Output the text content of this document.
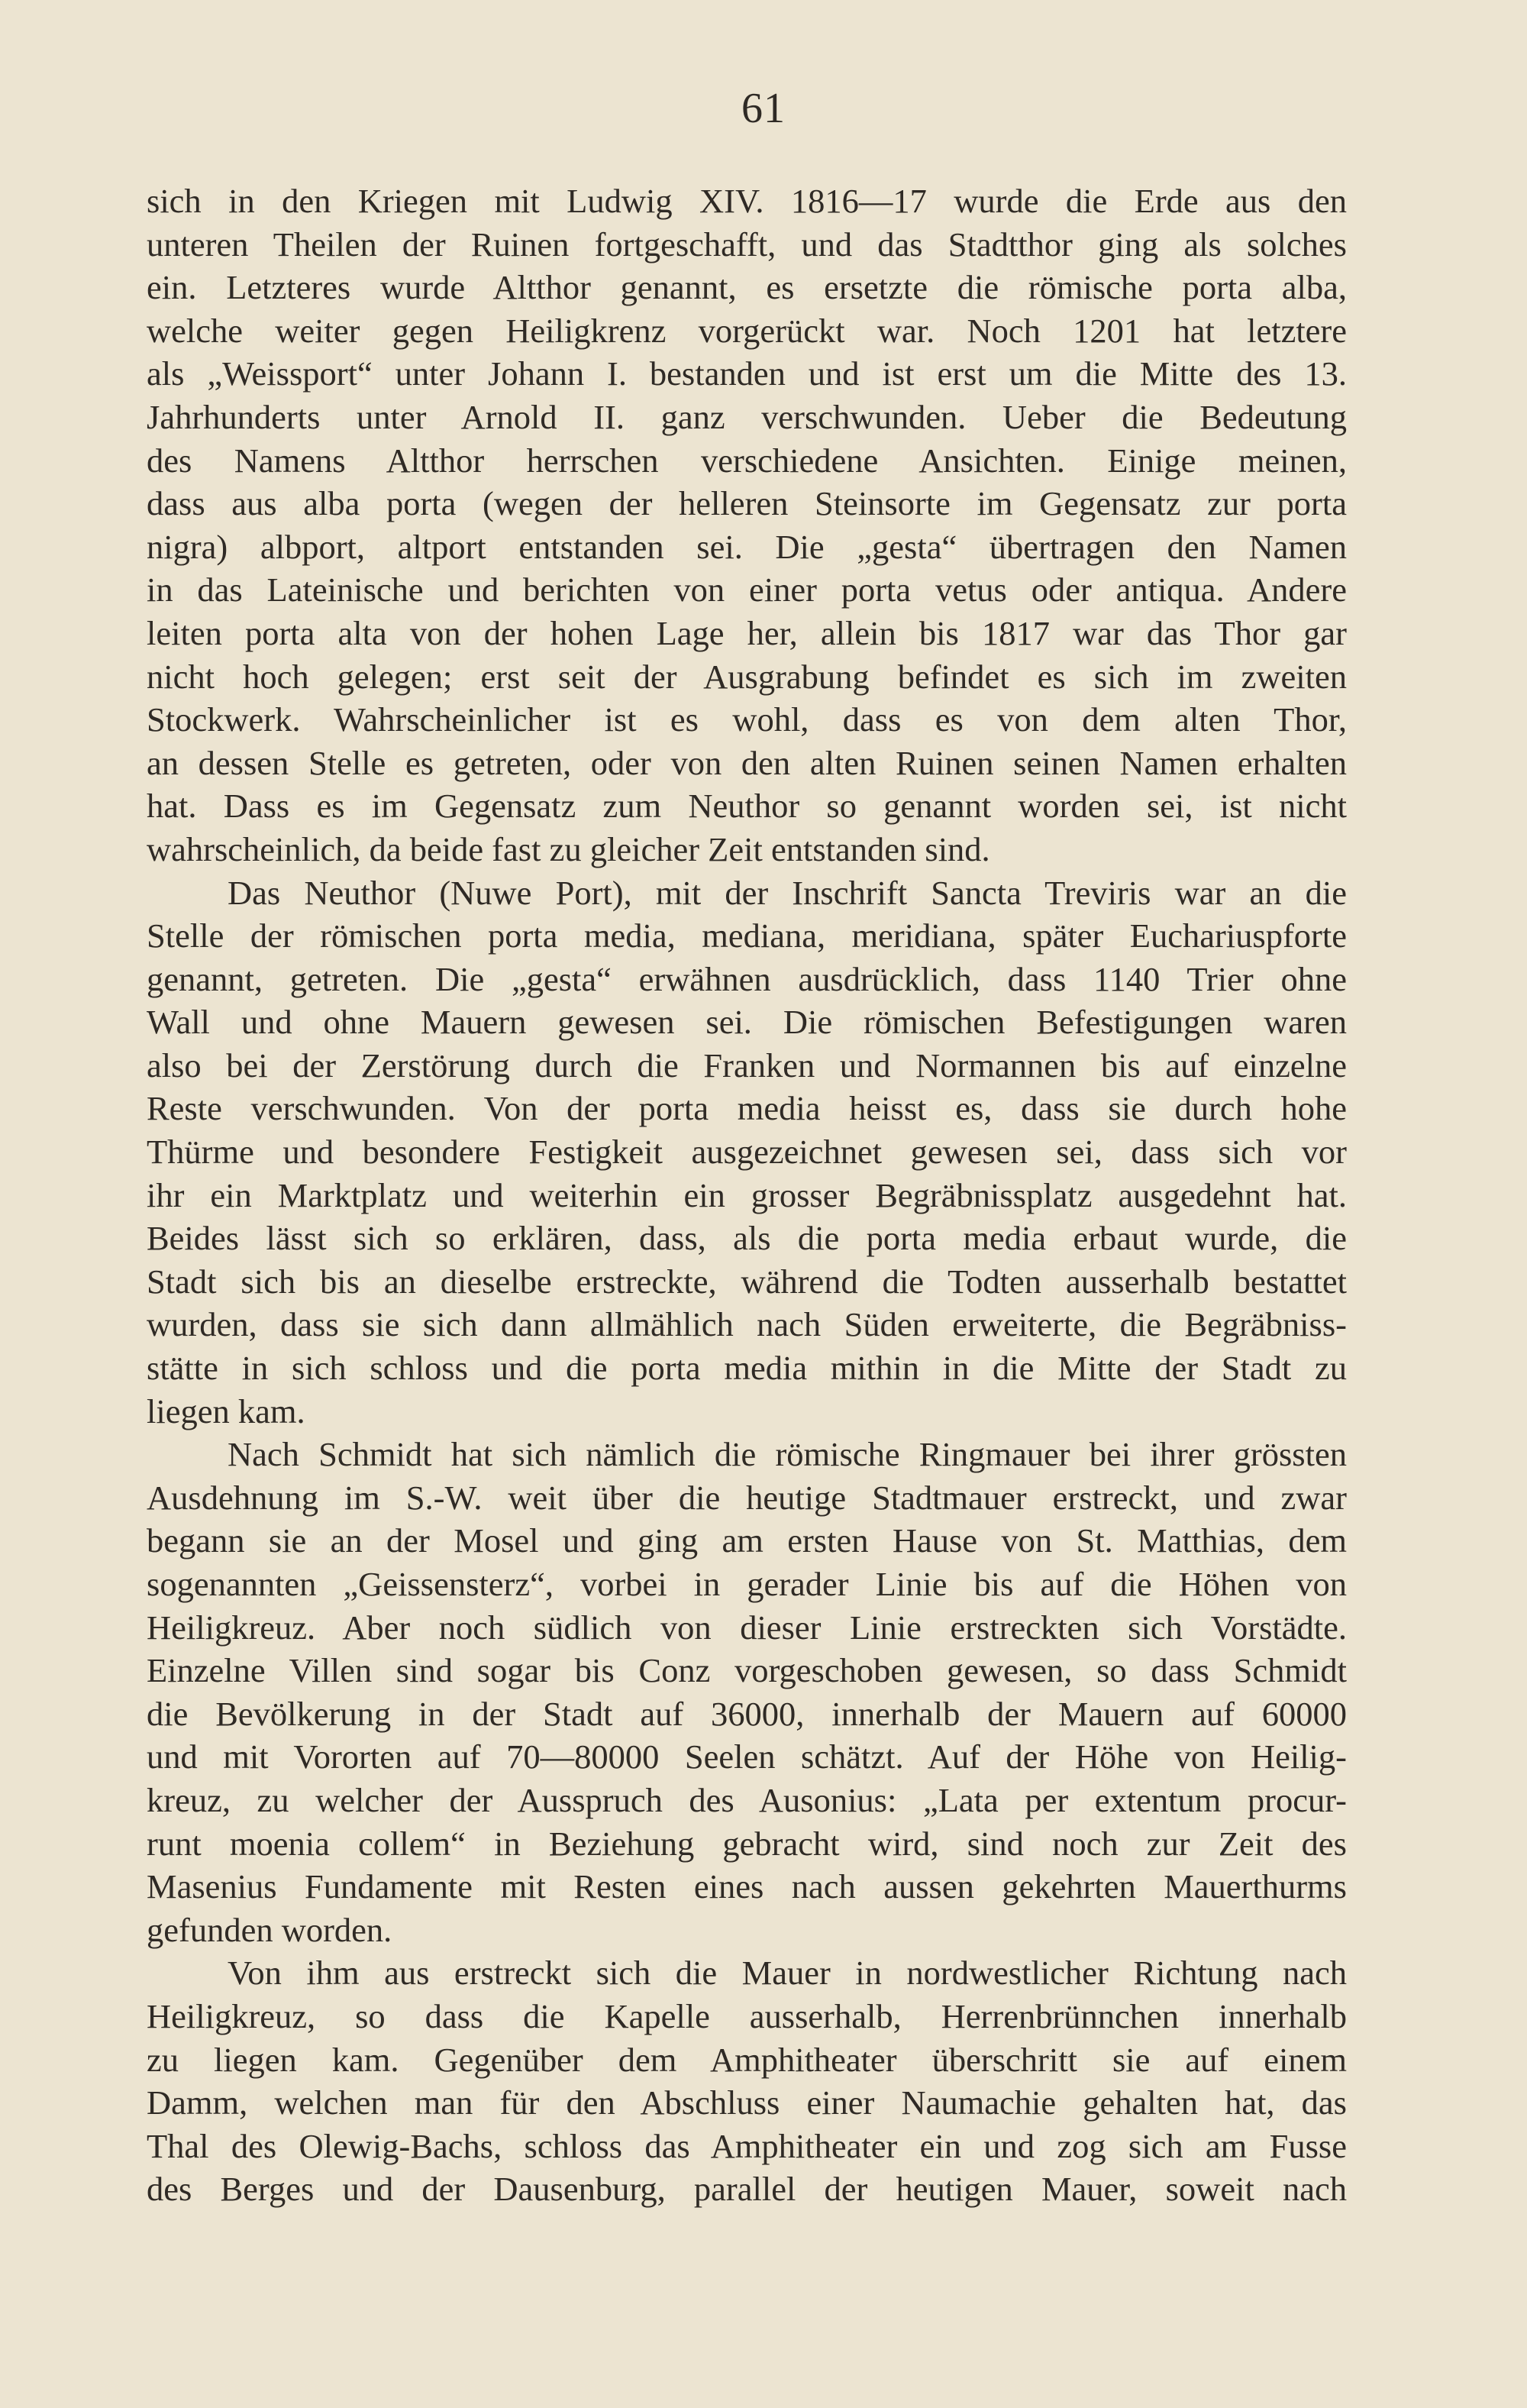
61
sich in den Kriegen mit Ludwig XIV. 1816—17 wurde die Erde aus den
unteren Theilen der Ruinen fortgeschafft, und das Stadtthor ging als solches
ein. Letzteres wurde Altthor genannt, es ersetzte die römische porta alba,
welche weiter gegen Heiligkrenz vorgerückt war. Noch 1201 hat letztere
als „Weissport“ unter Johann I. bestanden und ist erst um die Mitte des 13.
Jahrhunderts unter Arnold II. ganz verschwunden. Ueber die Bedeutung
des Namens Altthor herrschen verschiedene Ansichten. Einige meinen,
dass aus alba porta (wegen der helleren Steinsorte im Gegensatz zur porta
nigra) albport, altport entstanden sei. Die „gesta“ übertragen den Namen
in das Lateinische und berichten von einer porta vetus oder antiqua. Andere
leiten porta alta von der hohen Lage her, allein bis 1817 war das Thor gar
nicht hoch gelegen; erst seit der Ausgrabung befindet es sich im zweiten
Stockwerk. Wahrscheinlicher ist es wohl, dass es von dem alten Thor,
an dessen Stelle es getreten, oder von den alten Ruinen seinen Namen erhalten
hat. Dass es im Gegensatz zum Neuthor so genannt worden sei, ist nicht
wahrscheinlich, da beide fast zu gleicher Zeit entstanden sind.
Das Neuthor (Nuwe Port), mit der Inschrift Sancta Treviris war an die
Stelle der römischen porta media, mediana, meridiana, später Euchariuspforte
genannt, getreten. Die „gesta“ erwähnen ausdrücklich, dass 1140 Trier ohne
Wall und ohne Mauern gewesen sei. Die römischen Befestigungen waren
also bei der Zerstörung durch die Franken und Normannen bis auf einzelne
Reste verschwunden. Von der porta media heisst es, dass sie durch hohe
Thürme und besondere Festigkeit ausgezeichnet gewesen sei, dass sich vor
ihr ein Marktplatz und weiterhin ein grosser Begräbnissplatz ausgedehnt hat.
Beides lässt sich so erklären, dass, als die porta media erbaut wurde, die
Stadt sich bis an dieselbe erstreckte, während die Todten ausserhalb bestattet
wurden, dass sie sich dann allmählich nach Süden erweiterte, die Begräbniss-
stätte in sich schloss und die porta media mithin in die Mitte der Stadt zu
liegen kam.
Nach Schmidt hat sich nämlich die römische Ringmauer bei ihrer grössten
Ausdehnung im S.-W. weit über die heutige Stadtmauer erstreckt, und zwar
begann sie an der Mosel und ging am ersten Hause von St. Matthias, dem
sogenannten „Geissensterz“, vorbei in gerader Linie bis auf die Höhen von
Heiligkreuz. Aber noch südlich von dieser Linie erstreckten sich Vorstädte.
Einzelne Villen sind sogar bis Conz vorgeschoben gewesen, so dass Schmidt
die Bevölkerung in der Stadt auf 36000, innerhalb der Mauern auf 60000
und mit Vororten auf 70—80000 Seelen schätzt. Auf der Höhe von Heilig-
kreuz, zu welcher der Ausspruch des Ausonius: „Lata per extentum procur-
runt moenia collem“ in Beziehung gebracht wird, sind noch zur Zeit des
Masenius Fundamente mit Resten eines nach aussen gekehrten Mauerthurms
gefunden worden.
Von ihm aus erstreckt sich die Mauer in nordwestlicher Richtung nach
Heiligkreuz, so dass die Kapelle ausserhalb, Herrenbrünnchen innerhalb
zu liegen kam. Gegenüber dem Amphitheater überschritt sie auf einem
Damm, welchen man für den Abschluss einer Naumachie gehalten hat, das
Thal des Olewig-Bachs, schloss das Amphitheater ein und zog sich am Fusse
des Berges und der Dausenburg, parallel der heutigen Mauer, soweit nach
